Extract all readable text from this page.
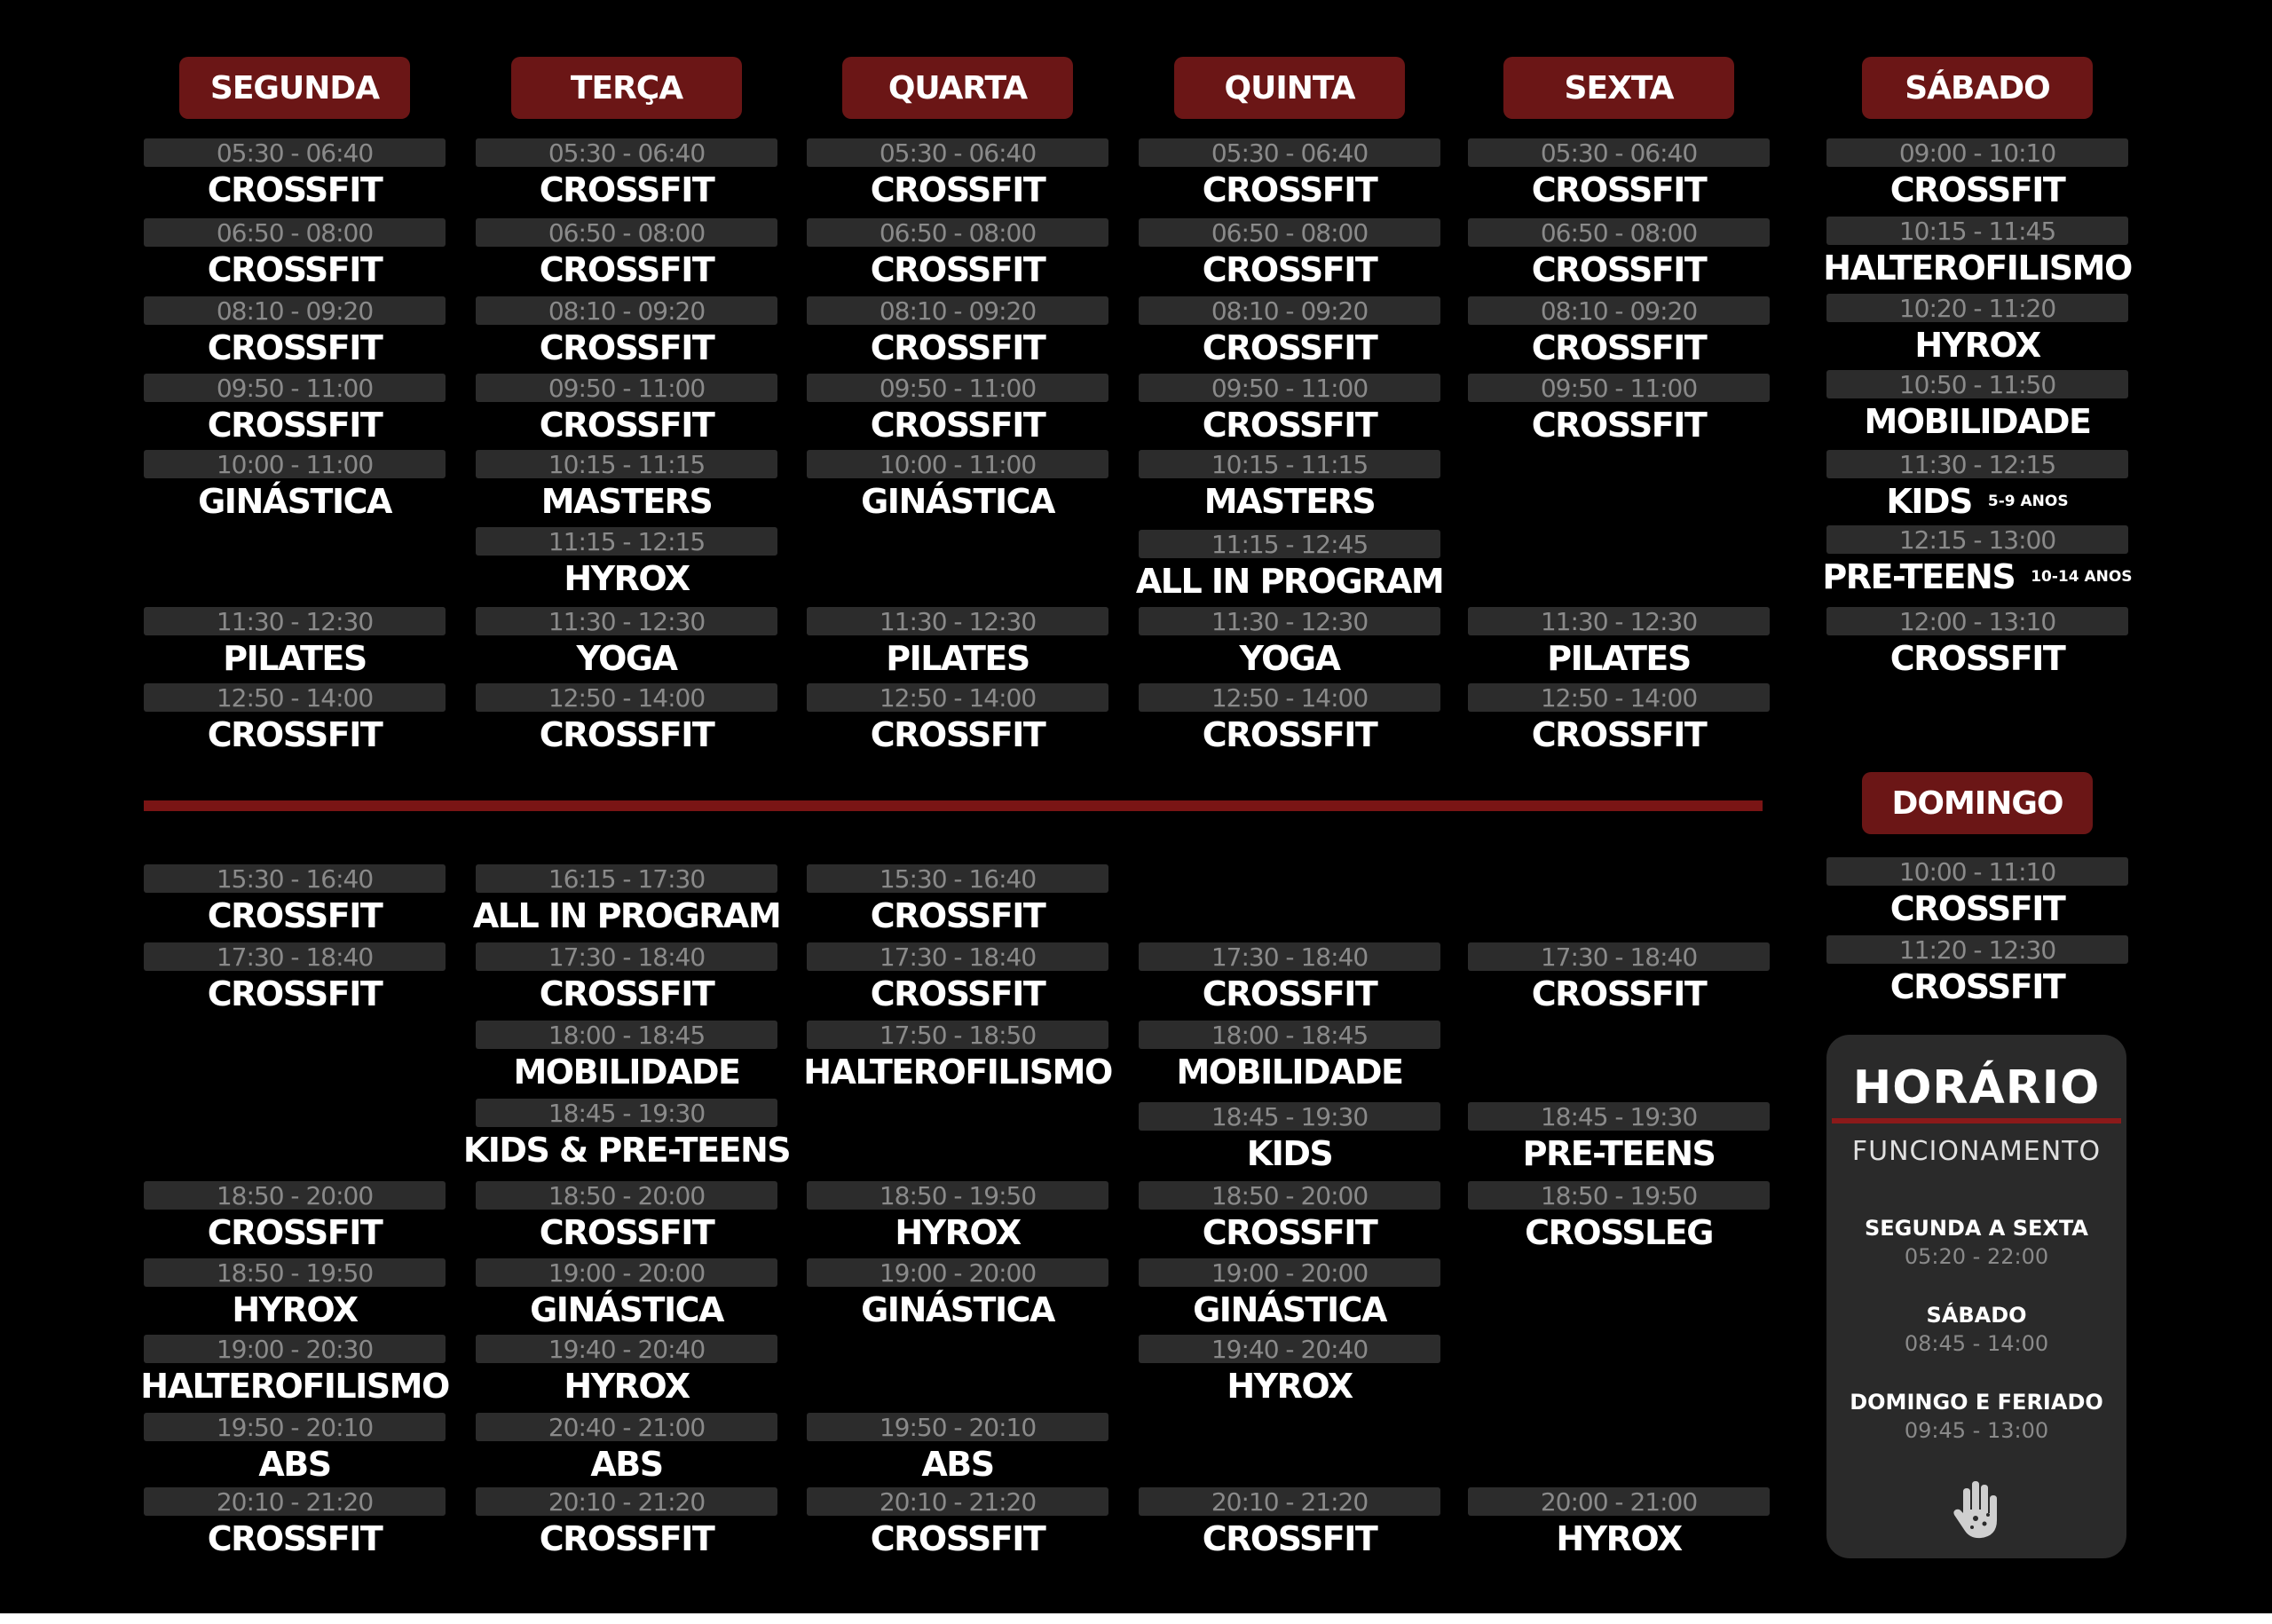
SEGUNDA
05:30 - 06:40
CROSSFIT
06:50 - 08:00
CROSSFIT
08:10 - 09:20
CROSSFIT
09:50 - 11:00
CROSSFIT
10:00 - 11:00
GINÁSTICA
11:30 - 12:30
PILATES
12:50 - 14:00
CROSSFIT
15:30 - 16:40
CROSSFIT
17:30 - 18:40
CROSSFIT
18:50 - 20:00
CROSSFIT
18:50 - 19:50
HYROX
19:00 - 20:30
HALTEROFILISMO
19:50 - 20:10
ABS
20:10 - 21:20
CROSSFIT
TERÇA
05:30 - 06:40
CROSSFIT
06:50 - 08:00
CROSSFIT
08:10 - 09:20
CROSSFIT
09:50 - 11:00
CROSSFIT
10:15 - 11:15
MASTERS
11:15 - 12:15
HYROX
11:30 - 12:30
YOGA
12:50 - 14:00
CROSSFIT
16:15 - 17:30
ALL IN PROGRAM
17:30 - 18:40
CROSSFIT
18:00 - 18:45
MOBILIDADE
18:45 - 19:30
KIDS & PRE-TEENS
18:50 - 20:00
CROSSFIT
19:00 - 20:00
GINÁSTICA
19:40 - 20:40
HYROX
20:40 - 21:00
ABS
20:10 - 21:20
CROSSFIT
QUARTA
05:30 - 06:40
CROSSFIT
06:50 - 08:00
CROSSFIT
08:10 - 09:20
CROSSFIT
09:50 - 11:00
CROSSFIT
10:00 - 11:00
GINÁSTICA
11:30 - 12:30
PILATES
12:50 - 14:00
CROSSFIT
15:30 - 16:40
CROSSFIT
17:30 - 18:40
CROSSFIT
17:50 - 18:50
HALTEROFILISMO
18:50 - 19:50
HYROX
19:00 - 20:00
GINÁSTICA
19:50 - 20:10
ABS
20:10 - 21:20
CROSSFIT
QUINTA
05:30 - 06:40
CROSSFIT
06:50 - 08:00
CROSSFIT
08:10 - 09:20
CROSSFIT
09:50 - 11:00
CROSSFIT
10:15 - 11:15
MASTERS
11:15 - 12:45
ALL IN PROGRAM
11:30 - 12:30
YOGA
12:50 - 14:00
CROSSFIT
17:30 - 18:40
CROSSFIT
18:00 - 18:45
MOBILIDADE
18:45 - 19:30
KIDS
18:50 - 20:00
CROSSFIT
19:00 - 20:00
GINÁSTICA
19:40 - 20:40
HYROX
20:10 - 21:20
CROSSFIT
SEXTA
05:30 - 06:40
CROSSFIT
06:50 - 08:00
CROSSFIT
08:10 - 09:20
CROSSFIT
09:50 - 11:00
CROSSFIT
11:30 - 12:30
PILATES
12:50 - 14:00
CROSSFIT
17:30 - 18:40
CROSSFIT
18:45 - 19:30
PRE-TEENS
18:50 - 19:50
CROSSLEG
20:00 - 21:00
HYROX
SÁBADO
09:00 - 10:10
CROSSFIT
10:15 - 11:45
HALTEROFILISMO
10:20 - 11:20
HYROX
10:50 - 11:50
MOBILIDADE
11:30 - 12:15
KIDS 5-9 ANOS
12:15 - 13:00
PRE-TEENS 10-14 ANOS
12:00 - 13:10
CROSSFIT
DOMINGO
10:00 - 11:10
CROSSFIT
11:20 - 12:30
CROSSFIT
HORÁRIO
FUNCIONAMENTO
SEGUNDA A SEXTA
05:20 - 22:00
SÁBADO
08:45 - 14:00
DOMINGO E FERIADO
09:45 - 13:00
